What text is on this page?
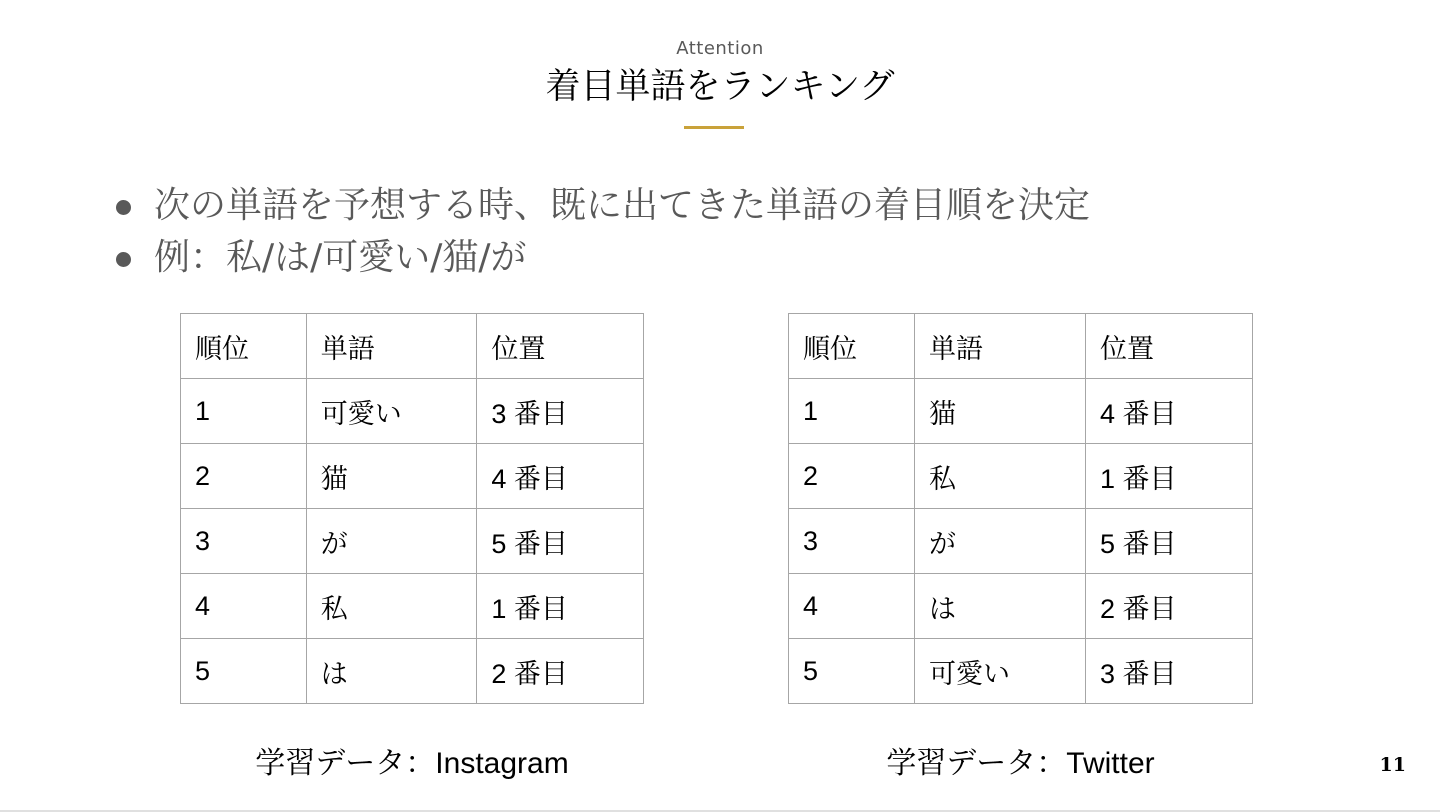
Attention
着目単語をランキング
次の単語を予想する時、既に出てきた単語の着目順を決定
例：私/は/可愛い/猫/が
順位	単語	位置
1	可愛い	3 番目
2	猫	4 番目
3	が	5 番目
4	私	1 番目
5	は	2 番目
順位	単語	位置
1	猫	4 番目
2	私	1 番目
3	が	5 番目
4	は	2 番目
5	可愛い	3 番目
学習データ：Instagram	学習データ：Twitter	11
